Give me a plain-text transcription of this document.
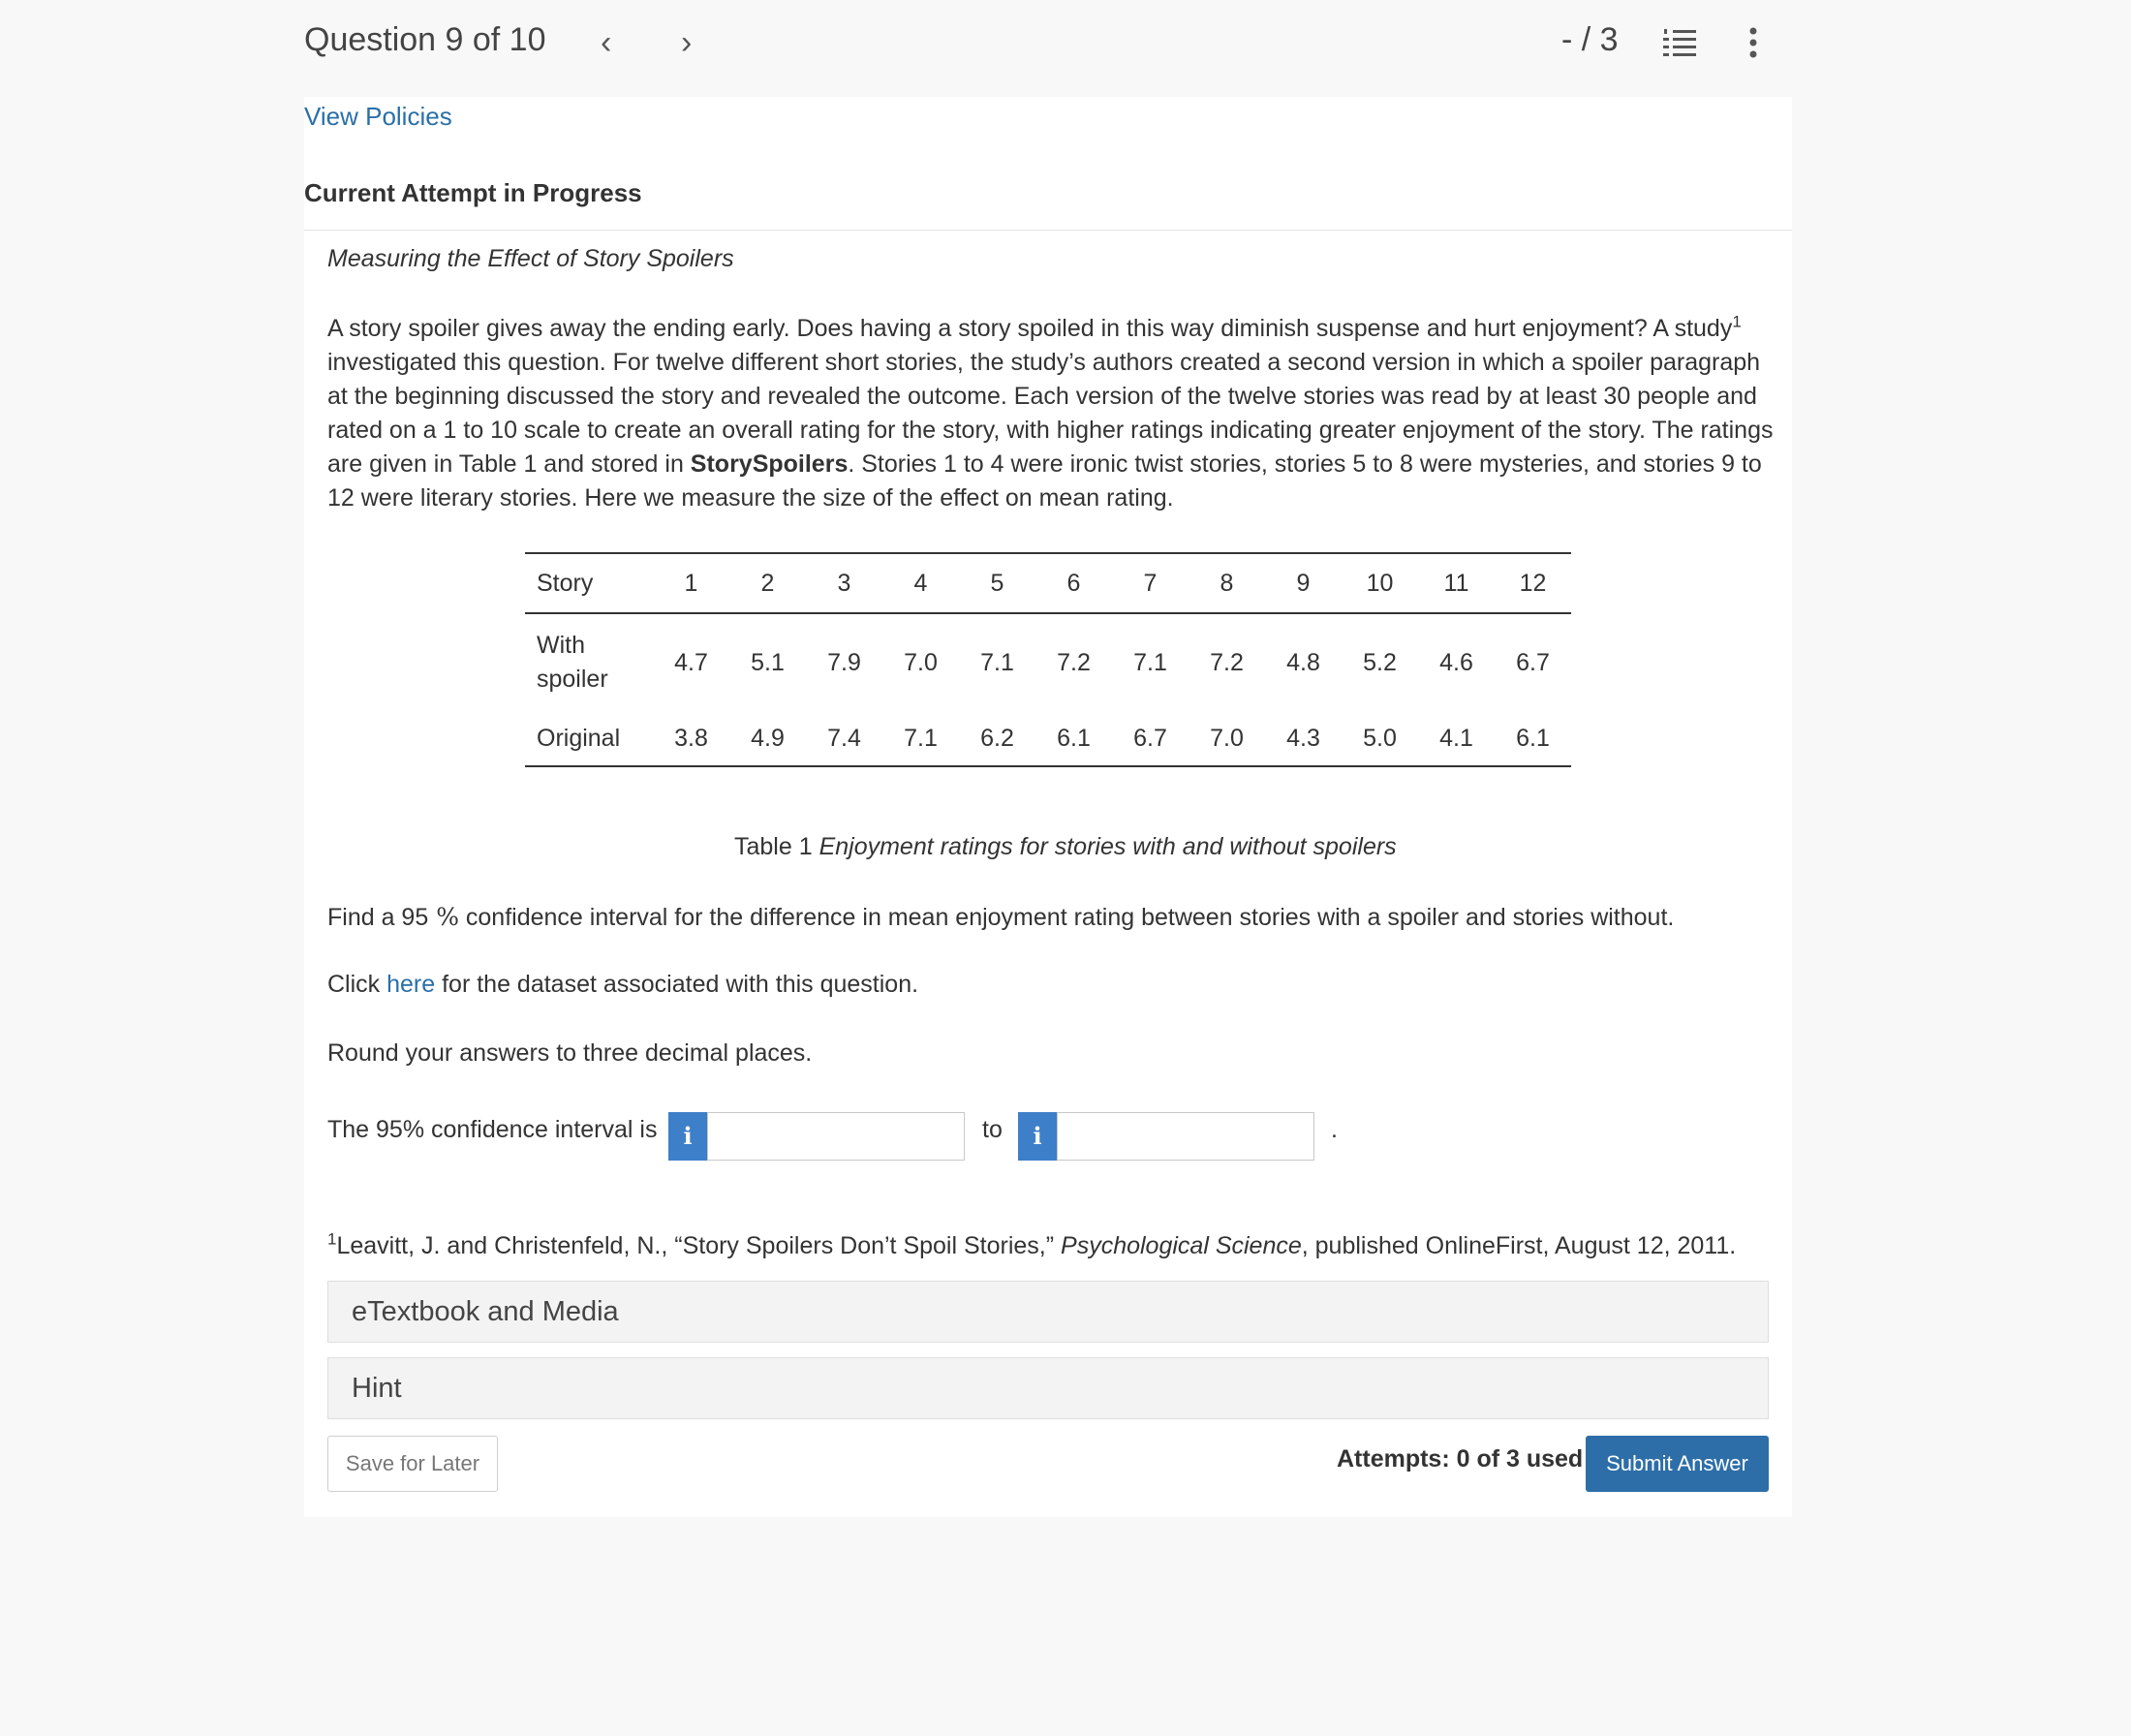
Question 9 of 10 ‹ ›	- / 3
View Policies
Current Attempt in Progress
Measuring the Effect of Story Spoilers
A story spoiler gives away the ending early. Does having a story spoiled in this way diminish suspense and hurt enjoyment? A study$^1$ investigated this question. For twelve different short stories, the study’s authors created a second version in which a spoiler paragraph at the beginning discussed the story and revealed the outcome. Each version of the twelve stories was read by at least 30 people and rated on a 1 to 10 scale to create an overall rating for the story, with higher ratings indicating greater enjoyment of the story. The ratings are given in Table 1 and stored in StorySpoilers. Stories 1 to 4 were ironic twist stories, stories 5 to 8 were mysteries, and stories 9 to 12 were literary stories. Here we measure the size of the effect on mean rating.
Story	1	2	3	4	5	6	7	8	9	10	11	12
With
spoiler	4.7	5.1	7.9	7.0	7.1	7.2	7.1	7.2	4.8	5.2	4.6	6.7
Original	3.8	4.9	7.4	7.1	6.2	6.1	6.7	7.0	4.3	5.0	4.1	6.1
Table 1 Enjoyment ratings for stories with and without spoilers
Find a 95 % confidence interval for the difference in mean enjoyment rating between stories with a spoiler and stories without.
Click here for the dataset associated with this question.
Round your answers to three decimal places.
The 95% confidence interval is	i	to	i	.
$^1$Leavitt, J. and Christenfeld, N., “Story Spoilers Don’t Spoil Stories,” Psychological Science, published OnlineFirst, August 12, 2011.
eTextbook and Media
Hint
Save for Later	Attempts: 0 of 3 used	Submit Answer
